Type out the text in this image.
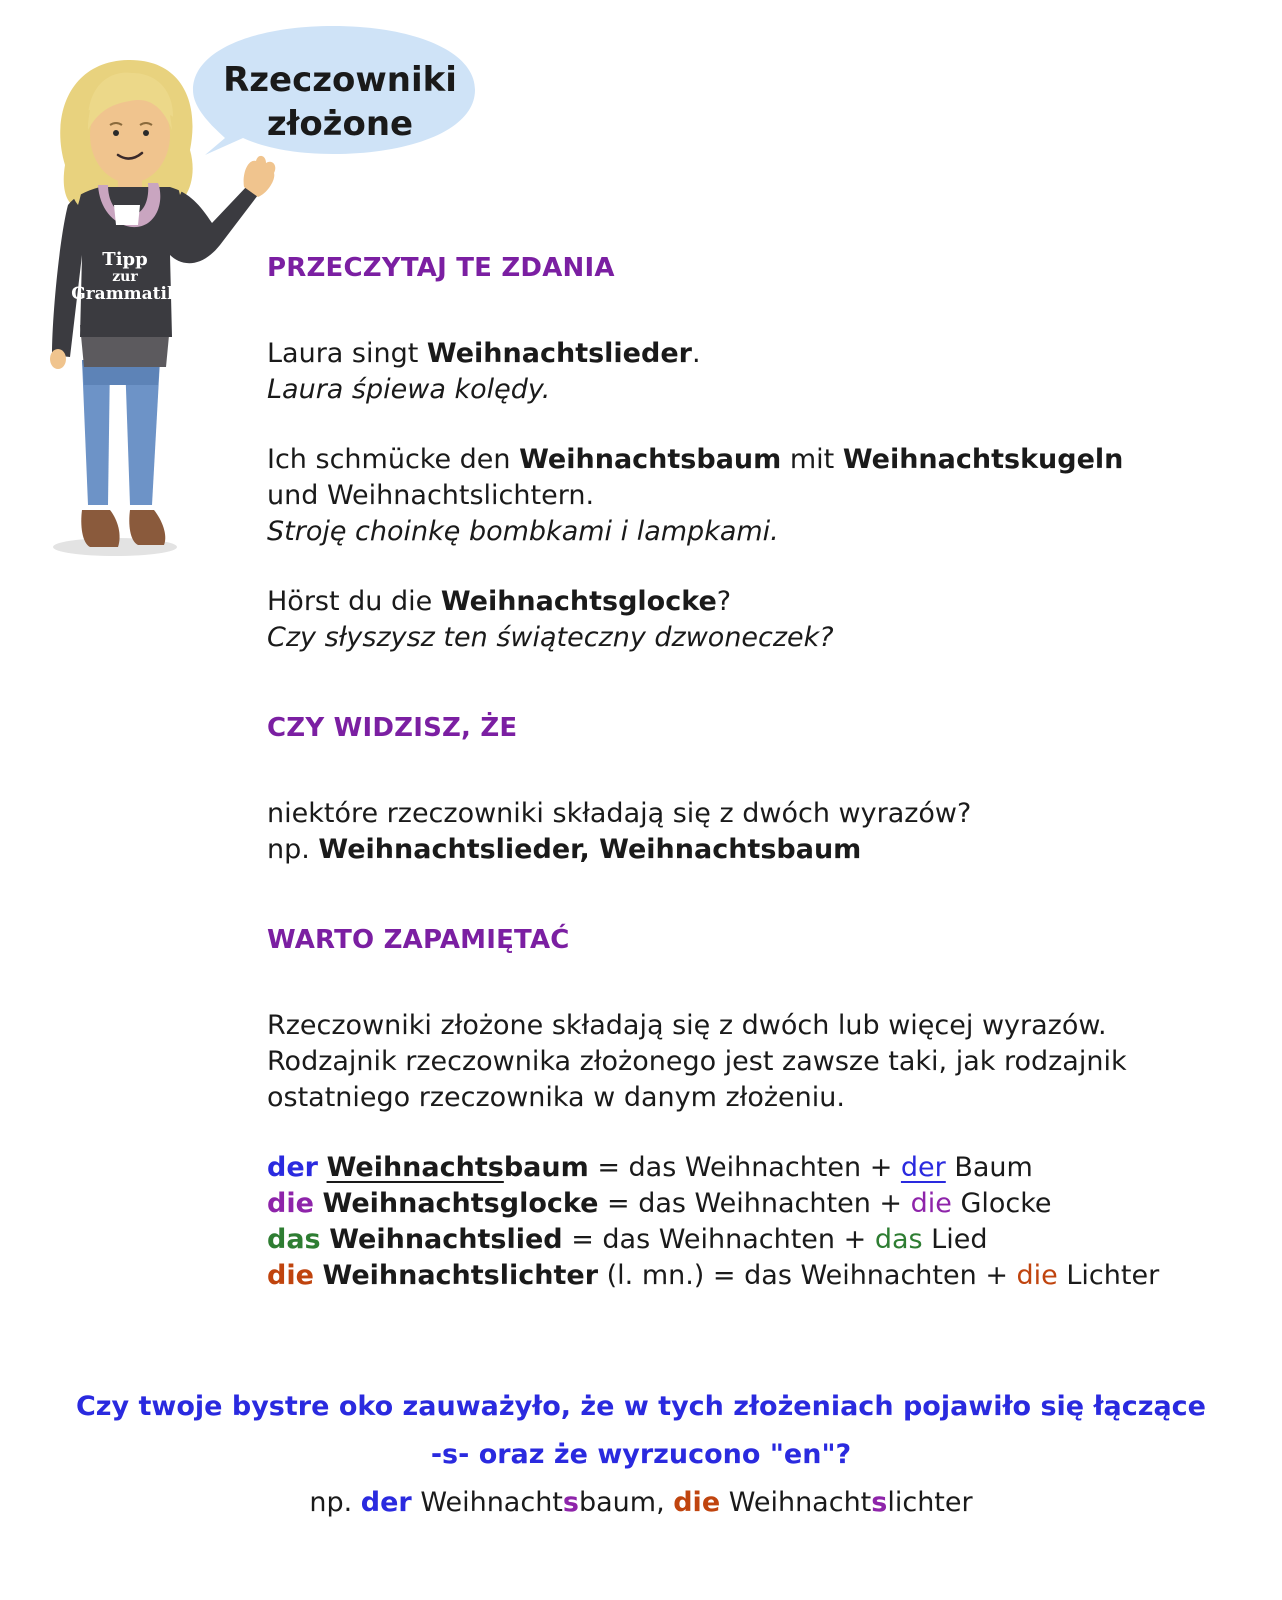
Tipp
zur
Grammatik
Rzeczowniki
złożone
PRZECZYTAJ TE ZDANIA
Laura singt Weihnachtslieder.
Laura śpiewa kolędy.
Ich schmücke den Weihnachtsbaum mit Weihnachtskugeln
und Weihnachtslichtern.
Stroję choinkę bombkami i lampkami.
Hörst du die Weihnachtsglocke?
Czy słyszysz ten świąteczny dzwoneczek?
CZY WIDZISZ, ŻE
niektóre rzeczowniki składają się z dwóch wyrazów?
np. Weihnachtslieder, Weihnachtsbaum
WARTO ZAPAMIĘTAĆ
Rzeczowniki złożone składają się z dwóch lub więcej wyrazów.
Rodzajnik rzeczownika złożonego jest zawsze taki, jak rodzajnik
ostatniego rzeczownika w danym złożeniu.
der Weihnachtsbaum = das Weihnachten + der Baum
die Weihnachtsglocke = das Weihnachten + die Glocke
das Weihnachtslied = das Weihnachten + das Lied
die Weihnachtslichter (l. mn.) = das Weihnachten + die Lichter
Czy twoje bystre oko zauważyło, że w tych złożeniach pojawiło się łączące
-s- oraz że wyrzucono "en"?
np. der Weihnachtsbaum, die Weihnachtslichter
